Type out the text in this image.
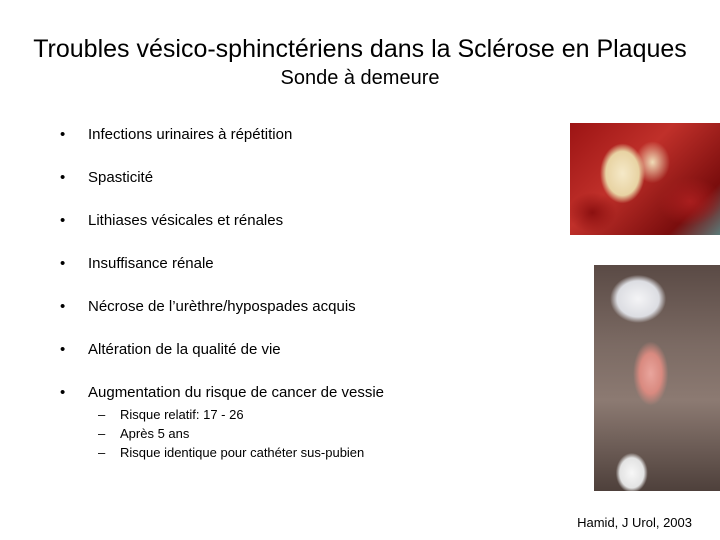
Troubles vésico-sphinctériens dans la Sclérose en Plaques
Sonde à demeure
• Infections urinaires à répétition
• Spasticité
• Lithiases vésicales et rénales
• Insuffisance rénale
• Nécrose de l’urèthre/hypospades acquis
• Altération de la qualité de vie
• Augmentation du risque de cancer de vessie
– Risque relatif: 17 - 26
– Après 5 ans
– Risque identique pour cathéter sus-pubien
Hamid, J Urol, 2003
